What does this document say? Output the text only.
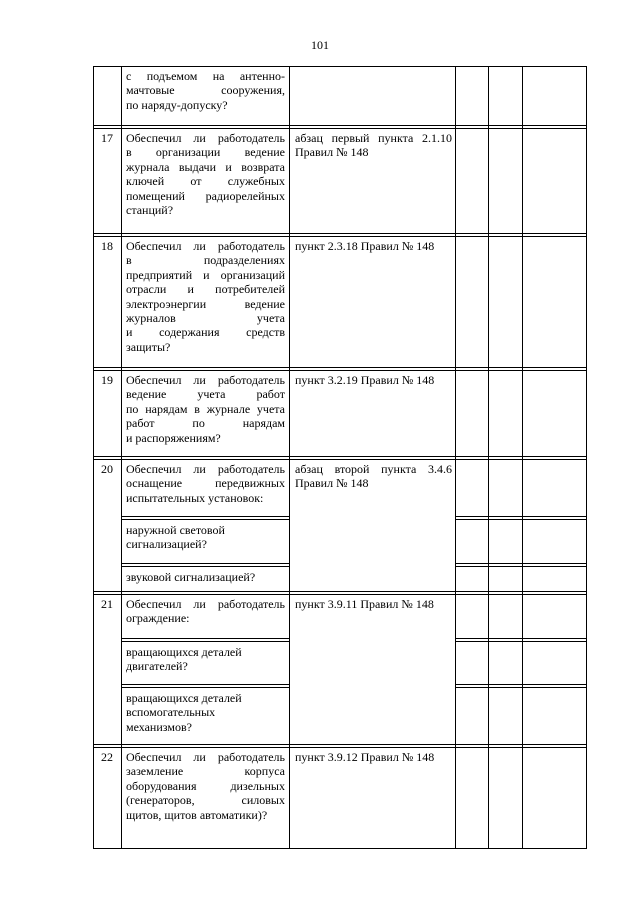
101
с подъемом на антенно-
мачтовые сооружения,
по наряду-допуску?
17	Обеспечил ли работодатель
в организации ведение
журнала выдачи и возврата
ключей от служебных
помещений радиорелейных
станций?
абзац первый пункта 2.1.10
Правил № 148
18	Обеспечил ли работодатель
в подразделениях
предприятий и организаций
отрасли и потребителей
электроэнергии ведение
журналов учета
и содержания средств
защиты?
пункт 2.3.18 Правил № 148
19	Обеспечил ли работодатель
ведение учета работ
по нарядам в журнале учета
работ по нарядам
и распоряжениям?
пункт 3.2.19 Правил № 148
20	Обеспечил ли работодатель
оснащение передвижных
испытательных установок:
абзац второй пункта 3.4.6
Правил № 148
наружной световой
сигнализацией?
звуковой сигнализацией?
21	Обеспечил ли работодатель
ограждение:
пункт 3.9.11 Правил № 148
вращающихся деталей
двигателей?
вращающихся деталей
вспомогательных
механизмов?
22	Обеспечил ли работодатель
заземление корпуса
оборудования дизельных
(генераторов, силовых
щитов, щитов автоматики)?
пункт 3.9.12 Правил № 148
